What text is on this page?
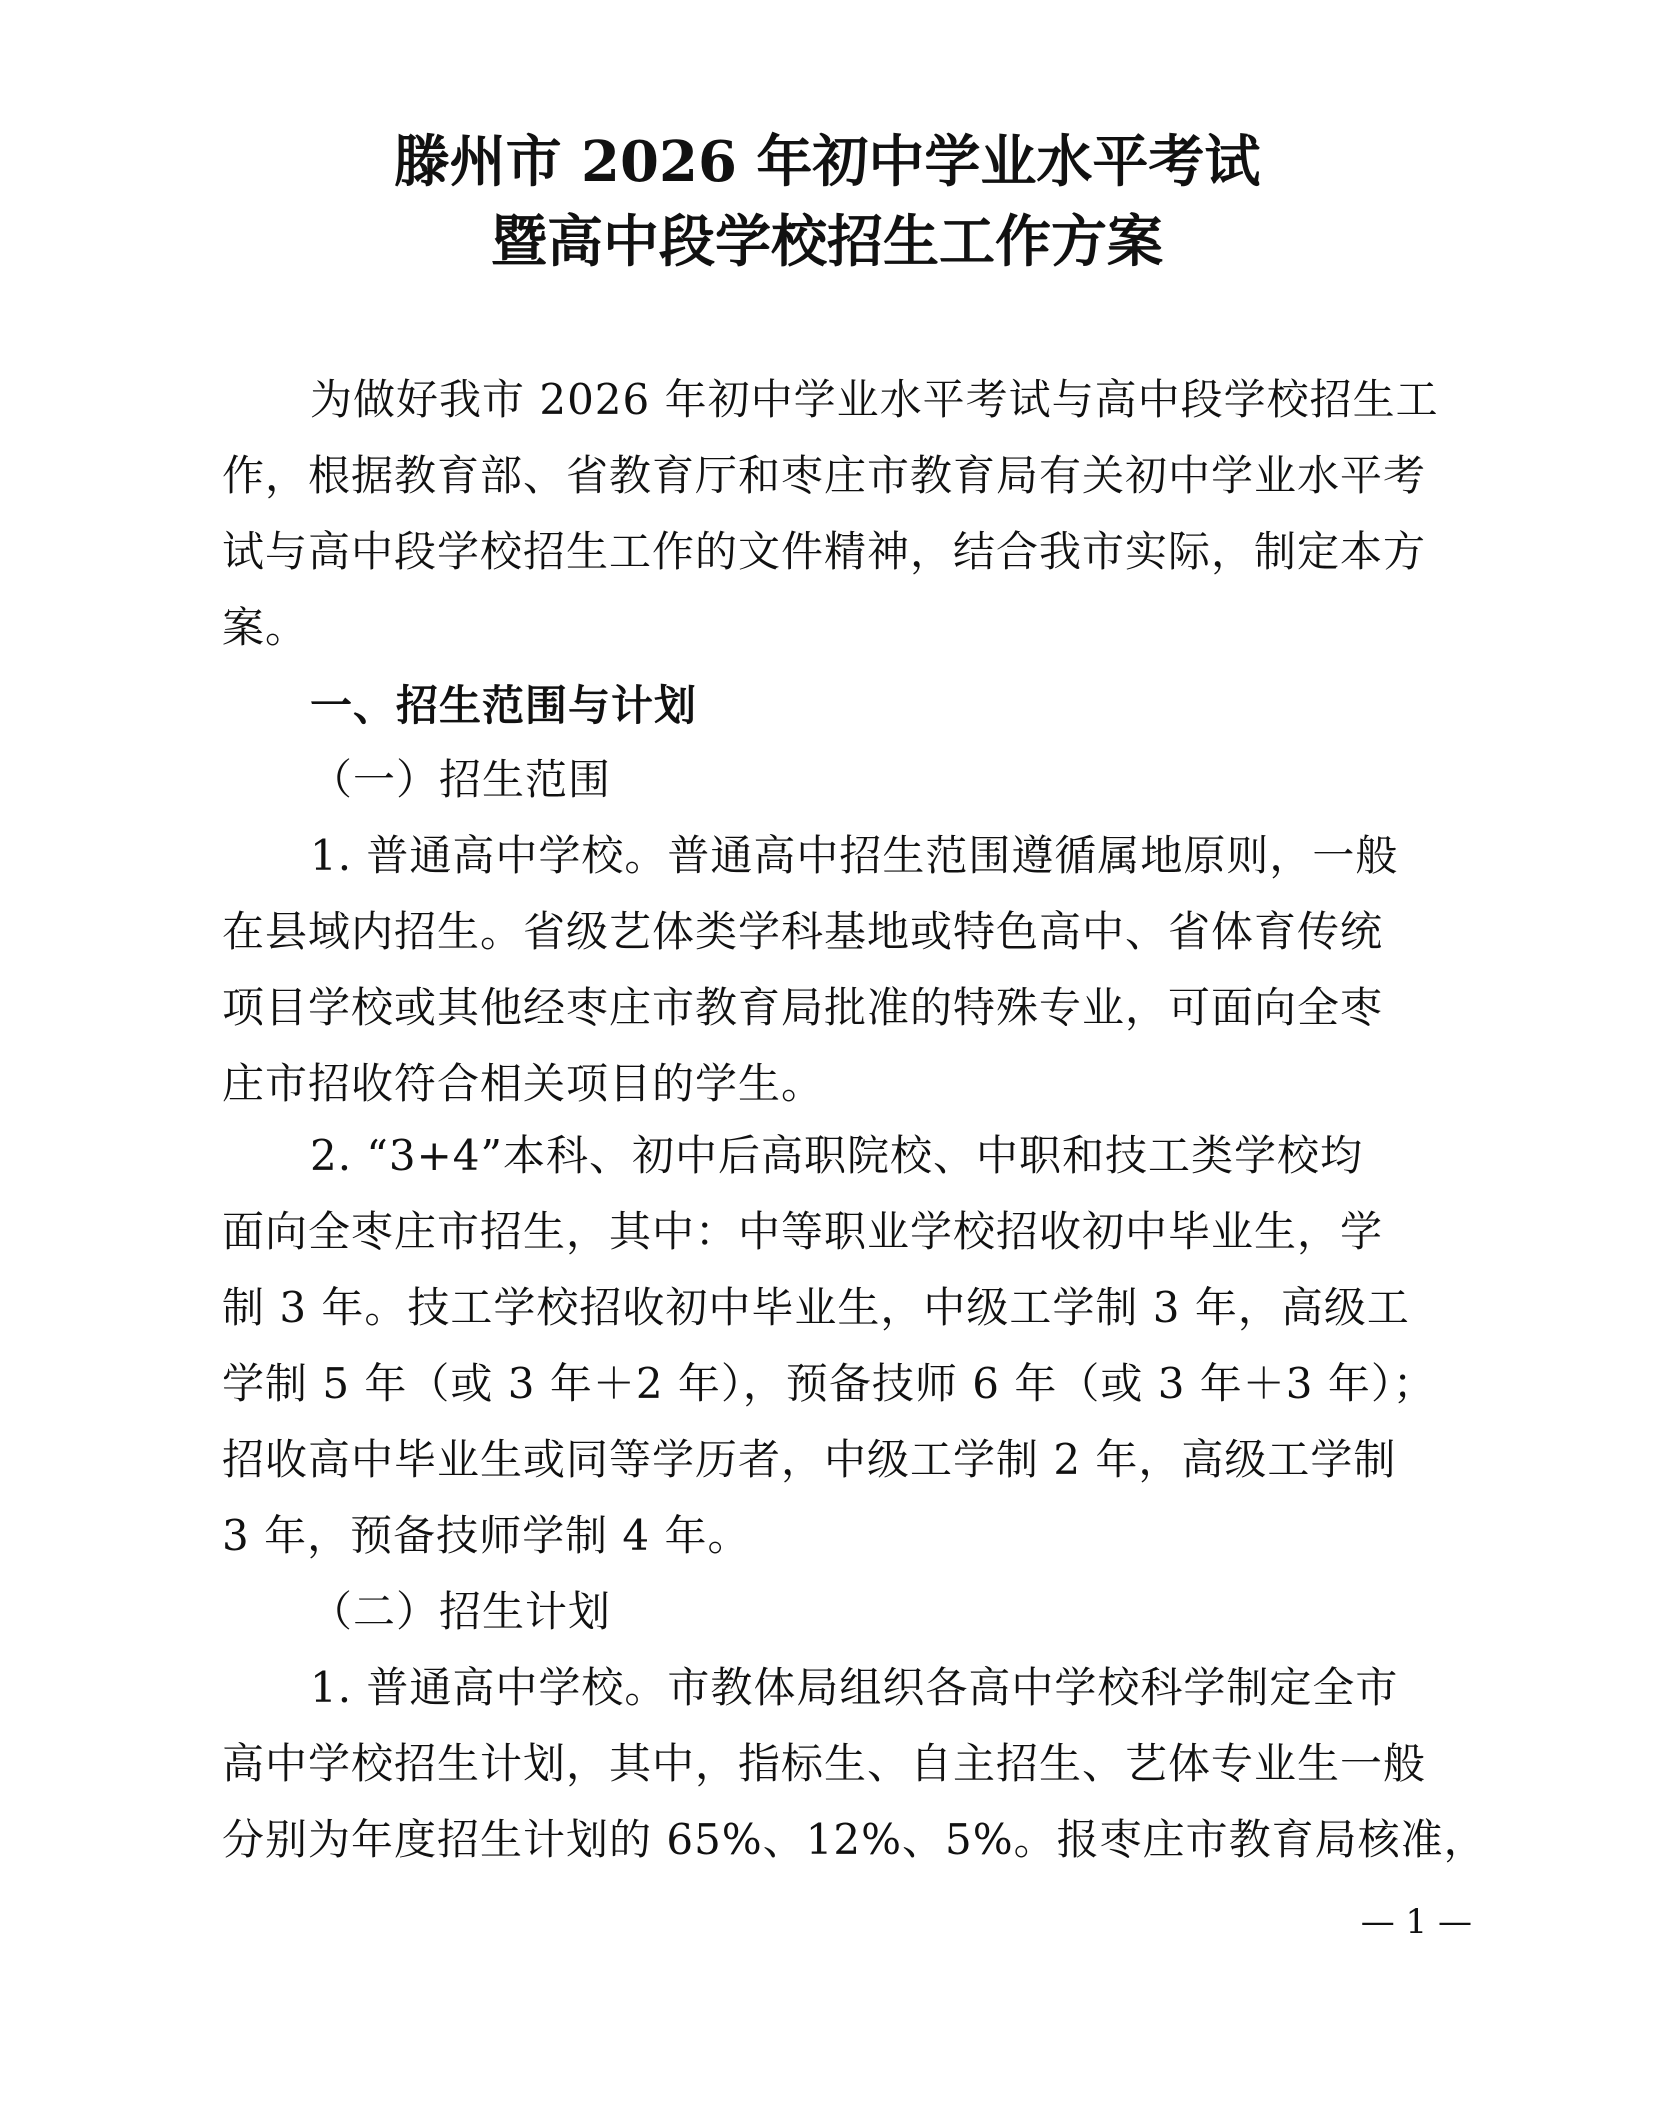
滕州市 2026 年初中学业水平考试
暨高中段学校招生工作方案
为做好我市 2026 年初中学业水平考试与高中段学校招生工
作，根据教育部、省教育厅和枣庄市教育局有关初中学业水平考
试与高中段学校招生工作的文件精神，结合我市实际，制定本方
案。
一、招生范围与计划
（一）招生范围
1. 普通高中学校。普通高中招生范围遵循属地原则，一般
在县域内招生。省级艺体类学科基地或特色高中、省体育传统
项目学校或其他经枣庄市教育局批准的特殊专业，可面向全枣
庄市招收符合相关项目的学生。
2. “3+4”本科、初中后高职院校、中职和技工类学校均
面向全枣庄市招生，其中：中等职业学校招收初中毕业生，学
制 3 年。技工学校招收初中毕业生，中级工学制 3 年，高级工
学制 5 年（或 3 年＋2 年），预备技师 6 年（或 3 年＋3 年）；
招收高中毕业生或同等学历者，中级工学制 2 年，高级工学制
3 年，预备技师学制 4 年。
（二）招生计划
1. 普通高中学校。市教体局组织各高中学校科学制定全市
高中学校招生计划，其中，指标生、自主招生、艺体专业生一般
分别为年度招生计划的 65%、12%、5%。报枣庄市教育局核准，
— 1 —
